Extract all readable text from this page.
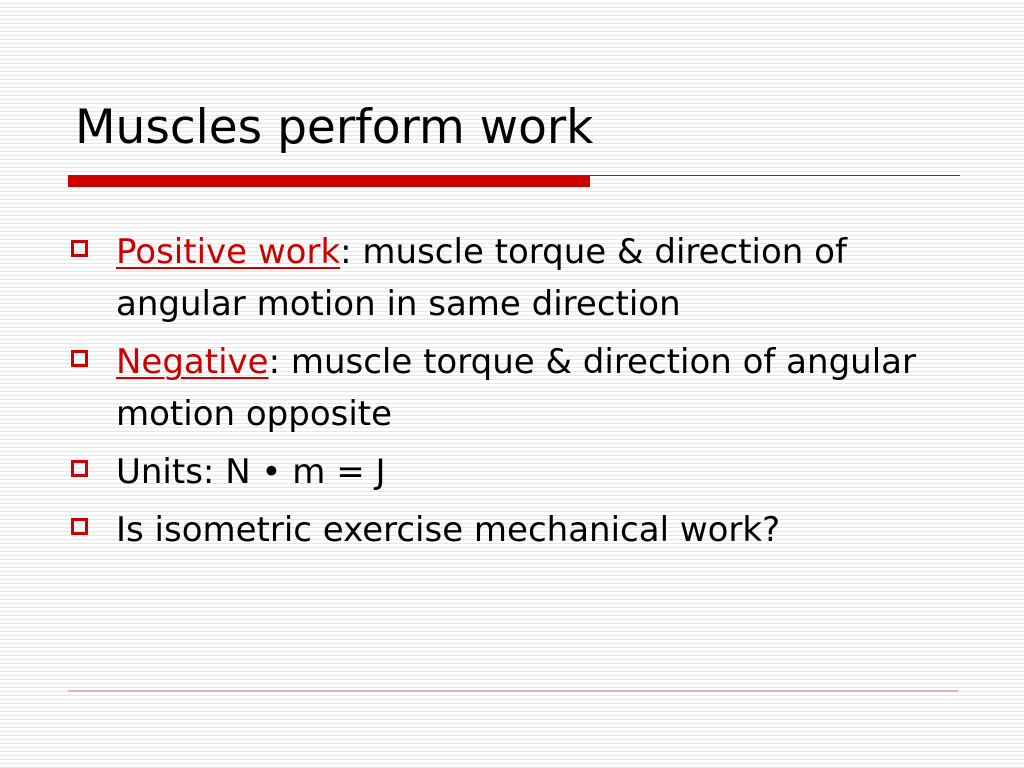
Muscles perform work
Positive work: muscle torque & direction of angular motion in same direction
Negative: muscle torque & direction of angular motion opposite
Units: N • m = J
Is isometric exercise mechanical work?
